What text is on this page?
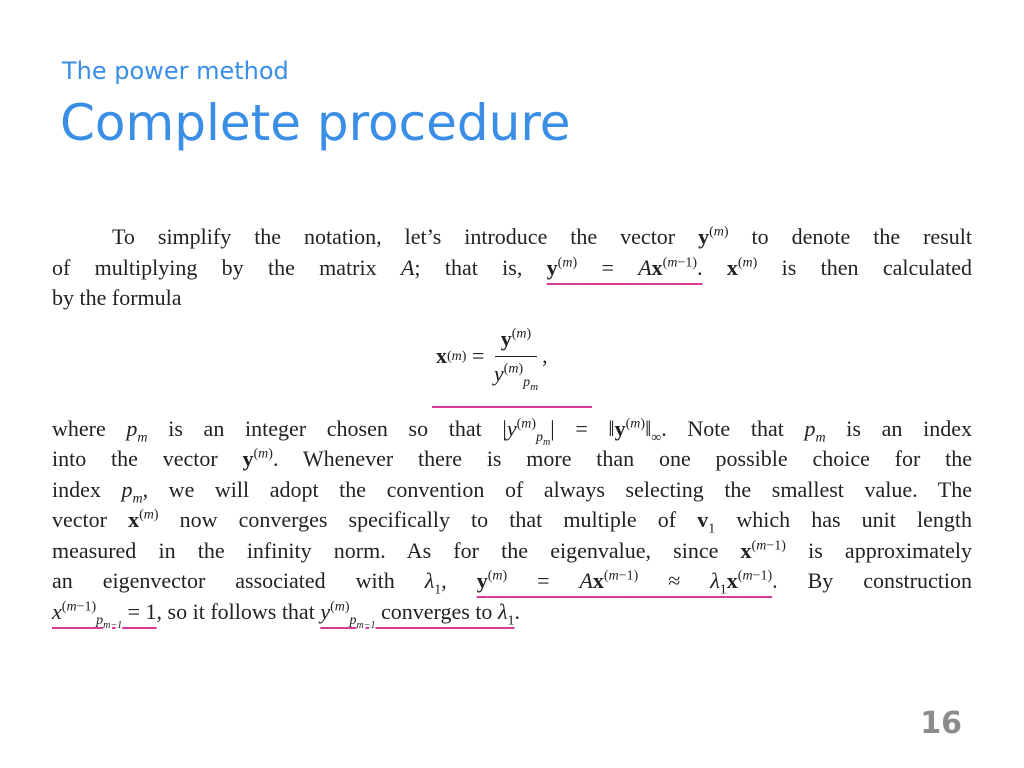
The power method
Complete procedure

To simplify the notation, let’s introduce the vector $y^{(m)}$ to denote the result

of multiplying by the matrix A; that is, $y^{(m)} = Ax^{(m-1)}$. $x^{(m)}$ is then calculated

by the formula

x $(m) = \frac{y^{(m)}}{y^{(m)}_{p_m}}$ ,

where $p_m$ is an integer chosen so that $|y^{(m)}_{p_m}|$ = $‖y^{(m)}‖_\infty$. Note that $p_m$ is an index

into the vector $y^{(m)}$. Whenever there is more than one possible choice for the

index $p_m$, we will adopt the convention of always selecting the smallest value. The

vector $x^{(m)}$ now converges specifically to that multiple of $v_1$ which has unit length

measured in the infinity norm. As for the eigenvalue, since $x^{(m-1)}$ is approximately

an eigenvector associated with $\lambda_1$, $y^{(m)} = Ax^{(m-1)} \approx \lambda_1x^{(m-1)}$. By construction

$x^{(m-1)}_{p_{m-1}} = 1$, so it follows that $y^{(m)}_{p_{m-1}}$ converges to $\lambda_1$.

16
